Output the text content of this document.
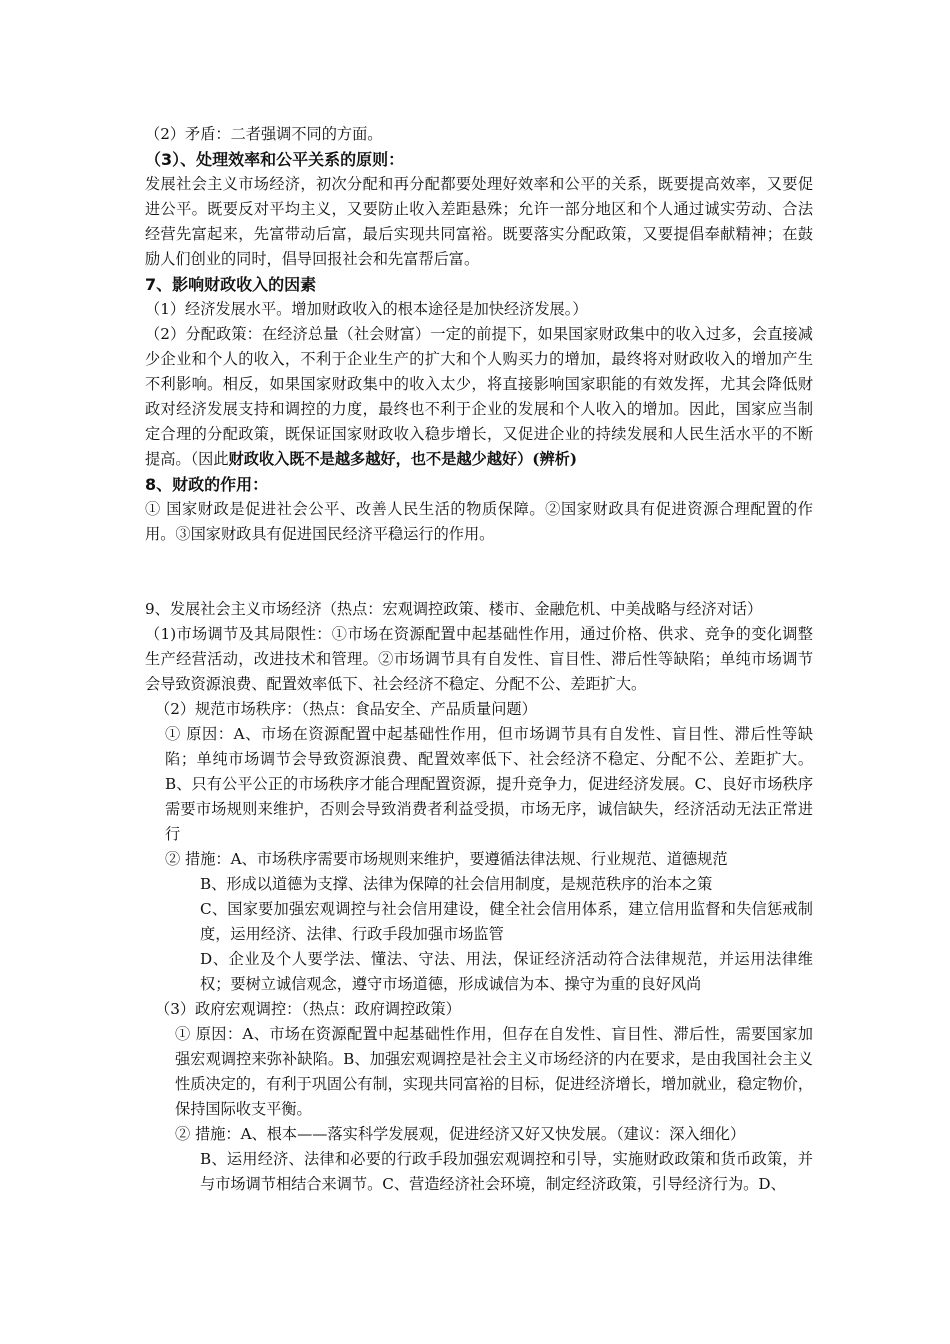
（2）矛盾：二者强调不同的方面。

（3）、处理效率和公平关系的原则：

发展社会主义市场经济，初次分配和再分配都要处理好效率和公平的关系，既要提高效率，又要促进公平。既要反对平均主义，又要防止收入差距悬殊；允许一部分地区和个人通过诚实劳动、合法经营先富起来，先富带动后富，最后实现共同富裕。既要落实分配政策，又要提倡奉献精神；在鼓励人们创业的同时，倡导回报社会和先富帮后富。

7、影响财政收入的因素

（1）经济发展水平。增加财政收入的根本途径是加快经济发展。）

（2）分配政策：在经济总量（社会财富）一定的前提下，如果国家财政集中的收入过多，会直接减少企业和个人的收入，不利于企业生产的扩大和个人购买力的增加，最终将对财政收入的增加产生不利影响。相反，如果国家财政集中的收入太少，将直接影响国家职能的有效发挥，尤其会降低财政对经济发展支持和调控的力度，最终也不利于企业的发展和个人收入的增加。因此，国家应当制定合理的分配政策，既保证国家财政收入稳步增长，又促进企业的持续发展和人民生活水平的不断提高。（因此财政收入既不是越多越好，也不是越少越好）(辨析)

8、财政的作用：

① 国家财政是促进社会公平、改善人民生活的物质保障。②国家财政具有促进资源合理配置的作用。③国家财政具有促进国民经济平稳运行的作用。

9、发展社会主义市场经济（热点：宏观调控政策、楼市、金融危机、中美战略与经济对话）

（1)市场调节及其局限性：①市场在资源配置中起基础性作用，通过价格、供求、竞争的变化调整生产经营活动，改进技术和管理。②市场调节具有自发性、盲目性、滞后性等缺陷；单纯市场调节会导致资源浪费、配置效率低下、社会经济不稳定、分配不公、差距扩大。

（2）规范市场秩序：（热点：食品安全、产品质量问题）

① 原因：A、市场在资源配置中起基础性作用，但市场调节具有自发性、盲目性、滞后性等缺陷；单纯市场调节会导致资源浪费、配置效率低下、社会经济不稳定、分配不公、差距扩大。B、只有公平公正的市场秩序才能合理配置资源，提升竞争力，促进经济发展。C、良好市场秩序需要市场规则来维护，否则会导致消费者利益受损，市场无序，诚信缺失，经济活动无法正常进行

② 措施：A、市场秩序需要市场规则来维护，要遵循法律法规、行业规范、道德规范

B、形成以道德为支撑、法律为保障的社会信用制度，是规范秩序的治本之策

C、国家要加强宏观调控与社会信用建设，健全社会信用体系，建立信用监督和失信惩戒制度，运用经济、法律、行政手段加强市场监管

D、企业及个人要学法、懂法、守法、用法，保证经济活动符合法律规范，并运用法律维权；要树立诚信观念，遵守市场道德，形成诚信为本、操守为重的良好风尚

（3）政府宏观调控：（热点：政府调控政策）

① 原因：A、市场在资源配置中起基础性作用，但存在自发性、盲目性、滞后性，需要国家加强宏观调控来弥补缺陷。B、加强宏观调控是社会主义市场经济的内在要求，是由我国社会主义性质决定的，有利于巩固公有制，实现共同富裕的目标，促进经济增长，增加就业，稳定物价，保持国际收支平衡。

② 措施：A、根本——落实科学发展观，促进经济又好又快发展。（建议：深入细化）

B、运用经济、法律和必要的行政手段加强宏观调控和引导，实施财政政策和货币政策，并与市场调节相结合来调节。C、营造经济社会环境，制定经济政策，引导经济行为。D、
